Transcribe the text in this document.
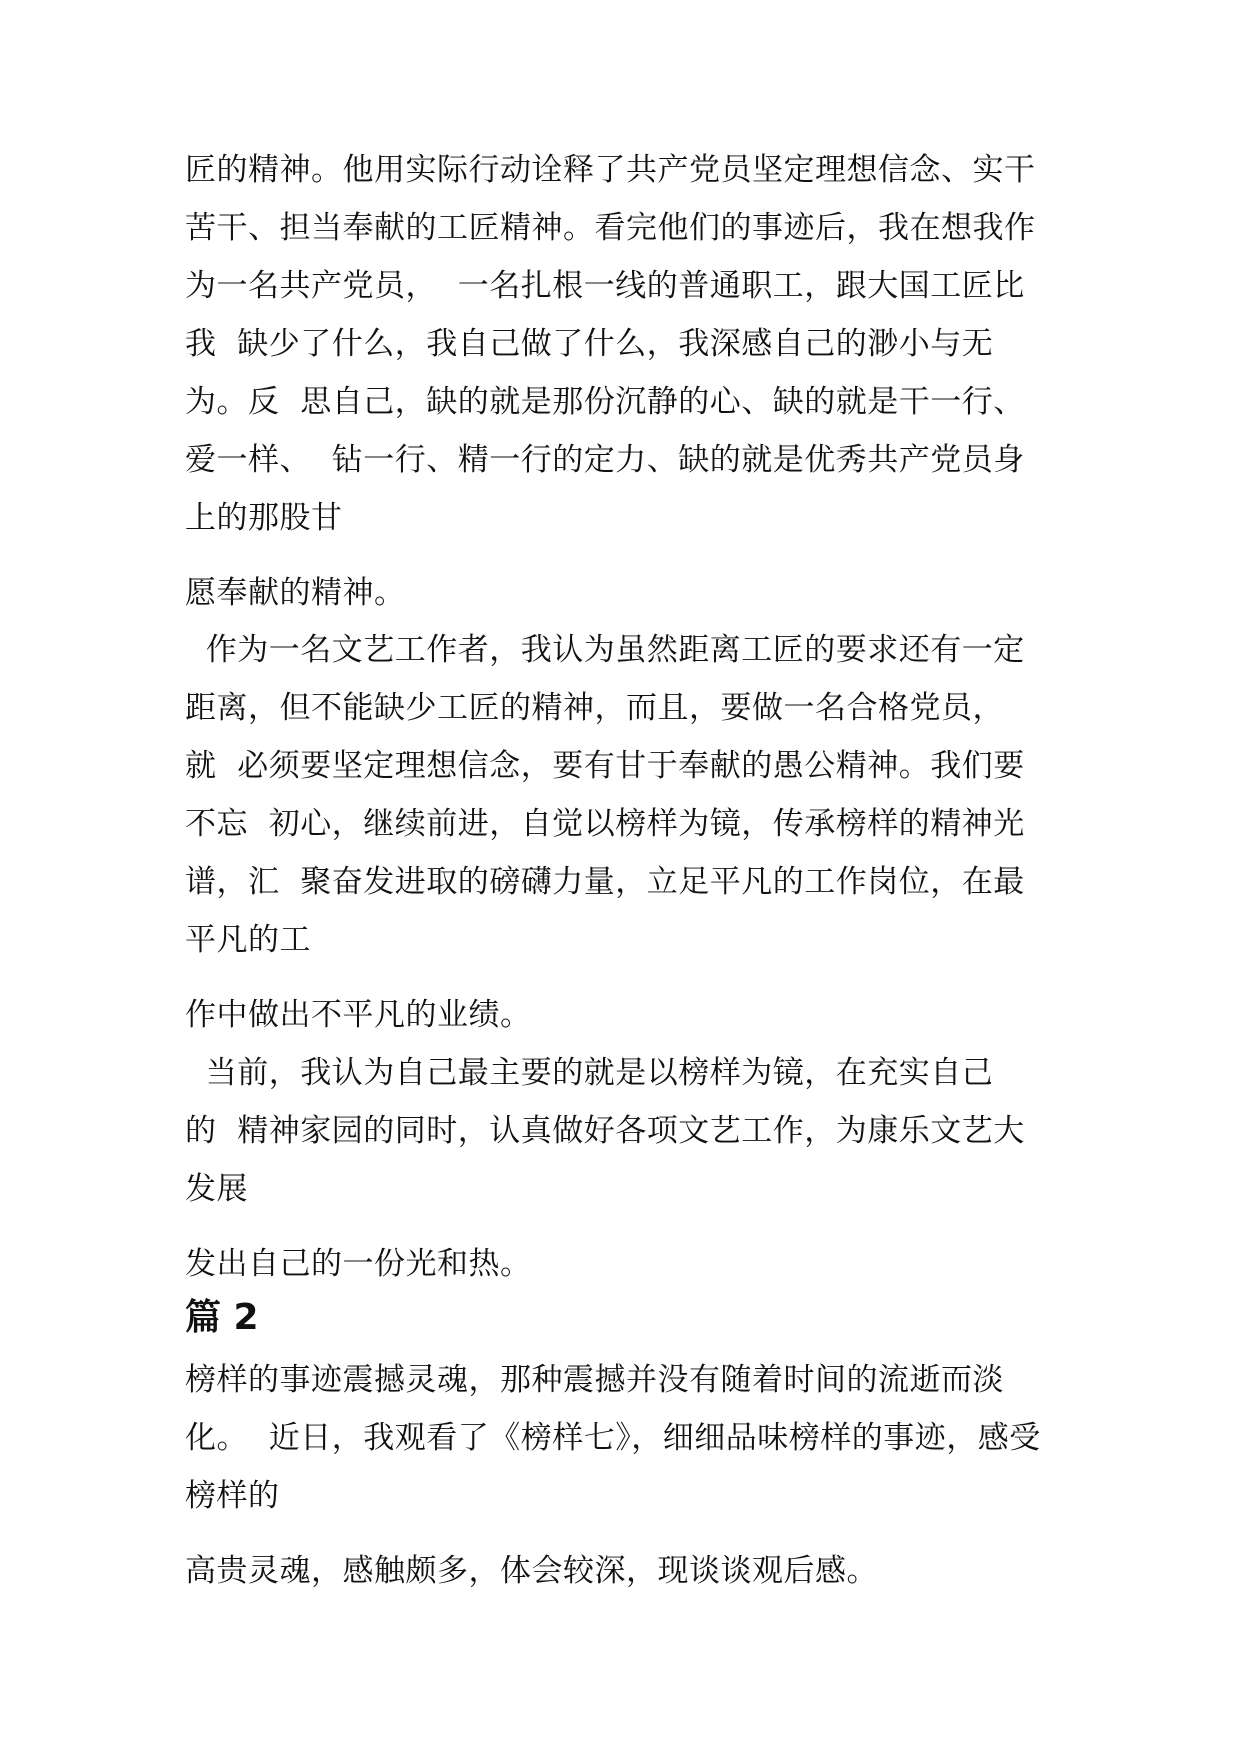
匠的精神。他用实际行动诠释了共产党员坚定理想信念、实干

苦干、担当奉献的工匠精神。看完他们的事迹后，我在想我作

为一名共产党员，  一名扎根一线的普通职工，跟大国工匠比

我  缺少了什么，我自己做了什么，我深感自己的渺小与无

为。反  思自己，缺的就是那份沉静的心、缺的就是干一行、

爱一样、  钻一行、精一行的定力、缺的就是优秀共产党员身

上的那股甘

愿奉献的精神。

作为一名文艺工作者，我认为虽然距离工匠的要求还有一定

距离，但不能缺少工匠的精神，而且，要做一名合格党员，

就  必须要坚定理想信念，要有甘于奉献的愚公精神。我们要

不忘  初心，继续前进，自觉以榜样为镜，传承榜样的精神光

谱，汇  聚奋发进取的磅礴力量，立足平凡的工作岗位，在最

平凡的工

作中做出不平凡的业绩。

当前，我认为自己最主要的就是以榜样为镜，在充实自己

的  精神家园的同时，认真做好各项文艺工作，为康乐文艺大

发展

发出自己的一份光和热。

篇 2

榜样的事迹震撼灵魂，那种震撼并没有随着时间的流逝而淡

化。  近日，我观看了《榜样七》，细细品味榜样的事迹，感受

榜样的

高贵灵魂，感触颇多，体会较深，现谈谈观后感。
